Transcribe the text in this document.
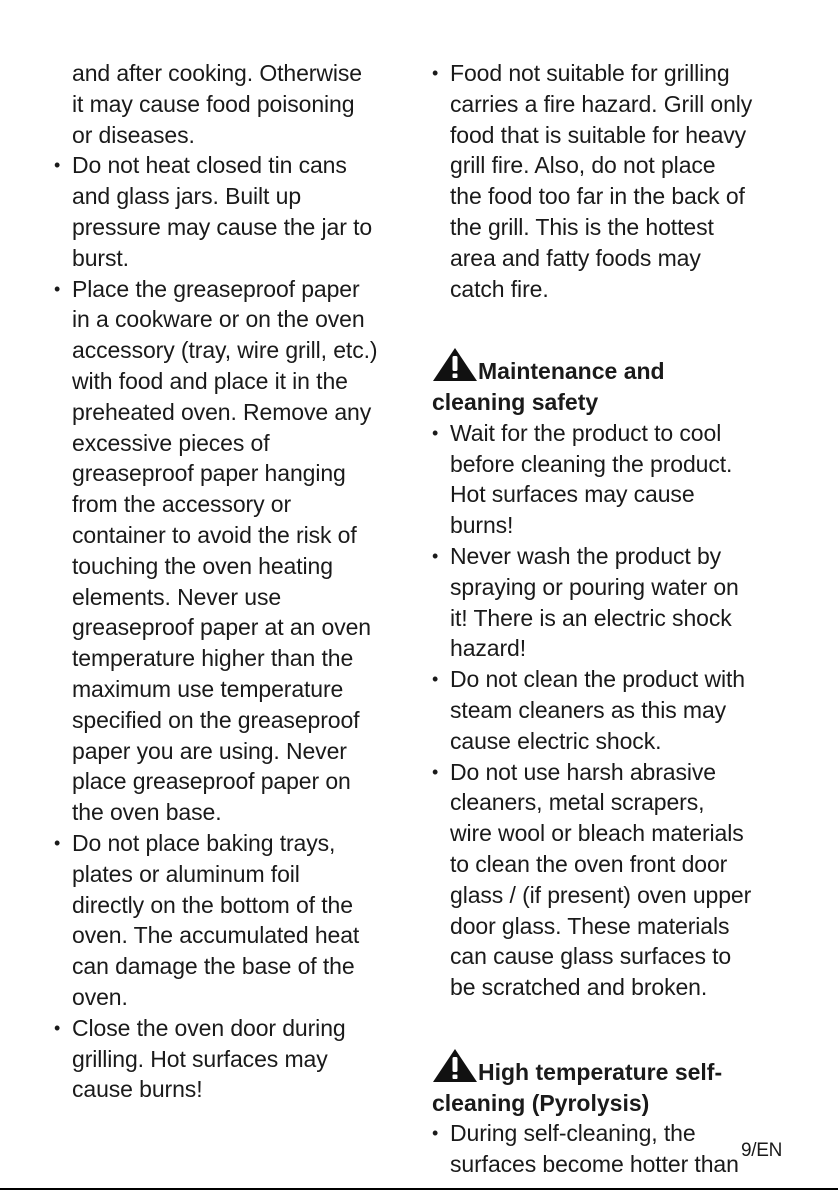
and after cooking. Otherwise
it may cause food poisoning
or diseases.

• Do not heat closed tin cans
and glass jars. Built up
pressure may cause the jar to
burst.

• Place the greaseproof paper
in a cookware or on the oven
accessory (tray, wire grill, etc.)
with food and place it in the
preheated oven. Remove any
excessive pieces of
greaseproof paper hanging
from the accessory or
container to avoid the risk of
touching the oven heating
elements. Never use
greaseproof paper at an oven
temperature higher than the
maximum use temperature
specified on the greaseproof
paper you are using. Never
place greaseproof paper on
the oven base.

• Do not place baking trays,
plates or aluminum foil
directly on the bottom of the
oven. The accumulated heat
can damage the base of the
oven.

• Close the oven door during
grilling. Hot surfaces may
cause burns!

• Food not suitable for grilling
carries a fire hazard. Grill only
food that is suitable for heavy
grill fire. Also, do not place
the food too far in the back of
the grill. This is the hottest
area and fatty foods may
catch fire.

Maintenance and
cleaning safety

• Wait for the product to cool
before cleaning the product.
Hot surfaces may cause
burns!

• Never wash the product by
spraying or pouring water on
it! There is an electric shock
hazard!

• Do not clean the product with
steam cleaners as this may
cause electric shock.

• Do not use harsh abrasive
cleaners, metal scrapers,
wire wool or bleach materials
to clean the oven front door
glass / (if present) oven upper
door glass. These materials
can cause glass surfaces to
be scratched and broken.

High temperature self-
cleaning (Pyrolysis)

• During self-cleaning, the
surfaces become hotter than

9/EN
